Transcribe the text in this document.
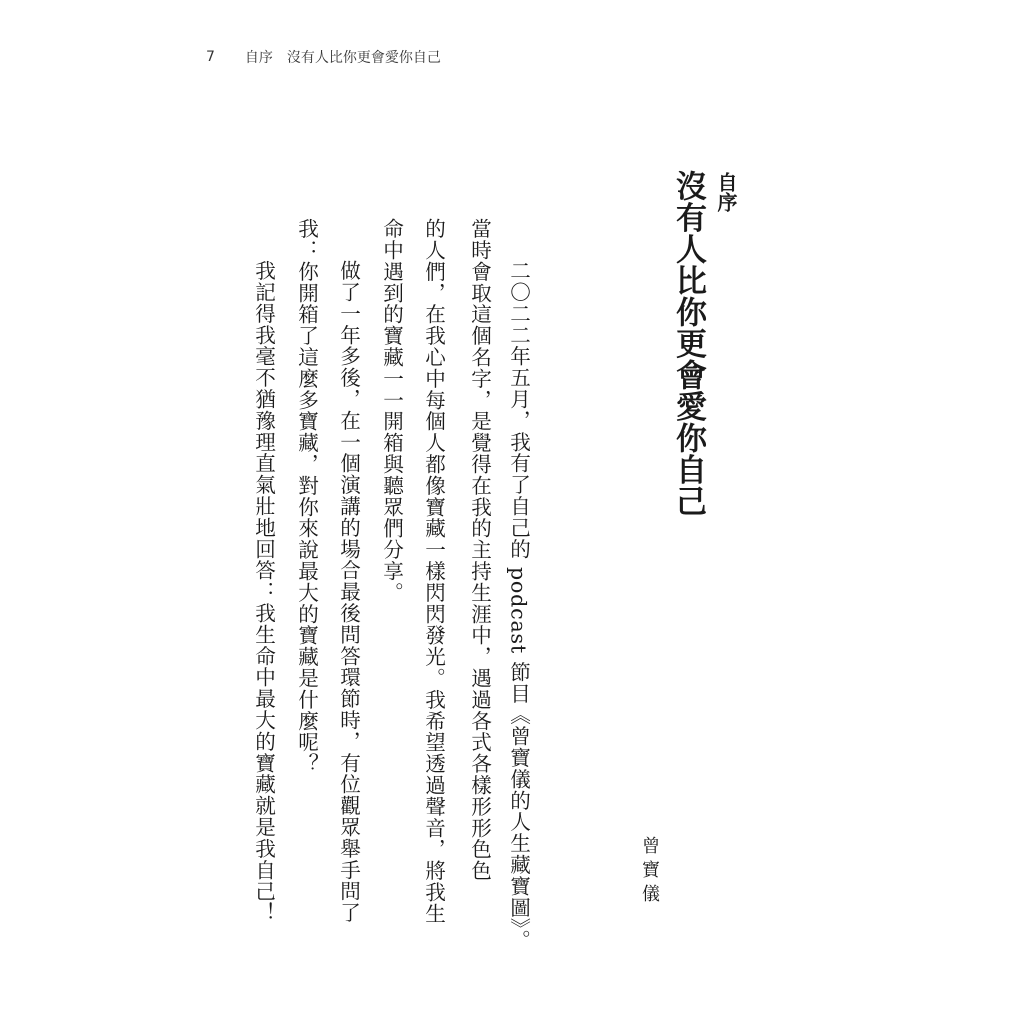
7 自序 沒有人比你更會愛你自己
自序
沒有人比你更會愛你自己
曾寶儀
二〇二二年五月，我有了自己的 podcast 節目《曾寶儀的人生藏寶圖》。
當時會取這個名字，是覺得在我的主持生涯中，遇過各式各樣形形色色
的人們，在我心中每個人都像寶藏一樣閃閃發光。我希望透過聲音，將我生
命中遇到的寶藏一一開箱與聽眾們分享。
做了一年多後，在一個演講的場合最後問答環節時，有位觀眾舉手問了
我：你開箱了這麼多寶藏，對你來說最大的寶藏是什麼呢？
我記得我毫不猶豫理直氣壯地回答：我生命中最大的寶藏就是我自己！
